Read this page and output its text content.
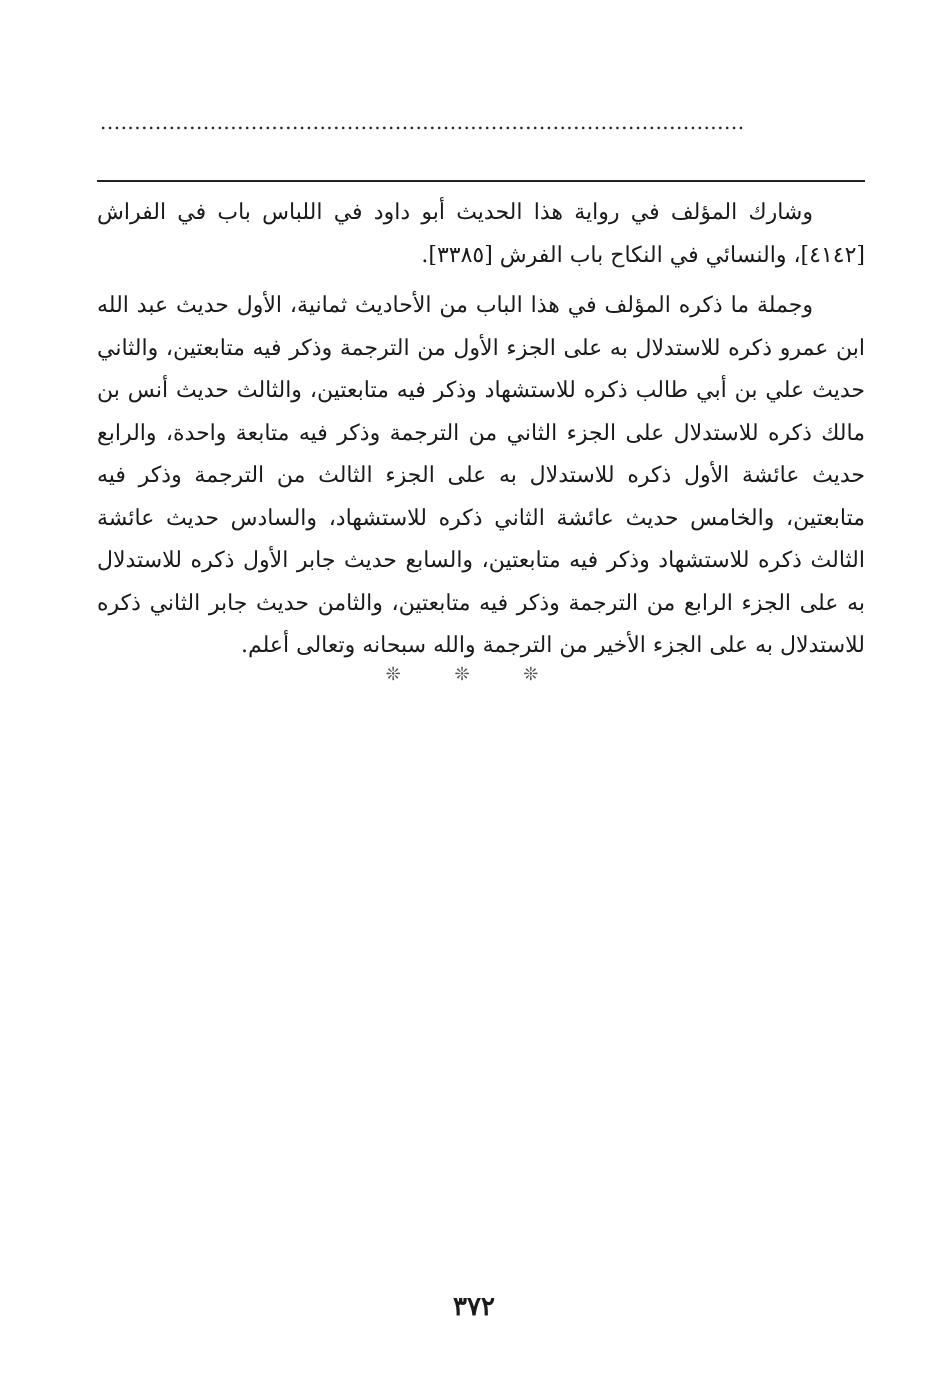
..............................................................................................

وشارك المؤلف في رواية هذا الحديث أبو داود في اللباس باب في الفراش [٤١٤٢]، والنسائي في النكاح باب الفرش [٣٣٨٥].

وجملة ما ذكره المؤلف في هذا الباب من الأحاديث ثمانية، الأول حديث عبد الله ابن عمرو ذكره للاستدلال به على الجزء الأول من الترجمة وذكر فيه متابعتين، والثاني حديث علي بن أبي طالب ذكره للاستشهاد وذكر فيه متابعتين، والثالث حديث أنس بن مالك ذكره للاستدلال على الجزء الثاني من الترجمة وذكر فيه متابعة واحدة، والرابع حديث عائشة الأول ذكره للاستدلال به على الجزء الثالث من الترجمة وذكر فيه متابعتين، والخامس حديث عائشة الثاني ذكره للاستشهاد، والسادس حديث عائشة الثالث ذكره للاستشهاد وذكر فيه متابعتين، والسابع حديث جابر الأول ذكره للاستدلال به على الجزء الرابع من الترجمة وذكر فيه متابعتين، والثامن حديث جابر الثاني ذكره للاستدلال به على الجزء الأخير من الترجمة والله سبحانه وتعالى أعلم.

❊ ❊ ❊
٣٧٢
